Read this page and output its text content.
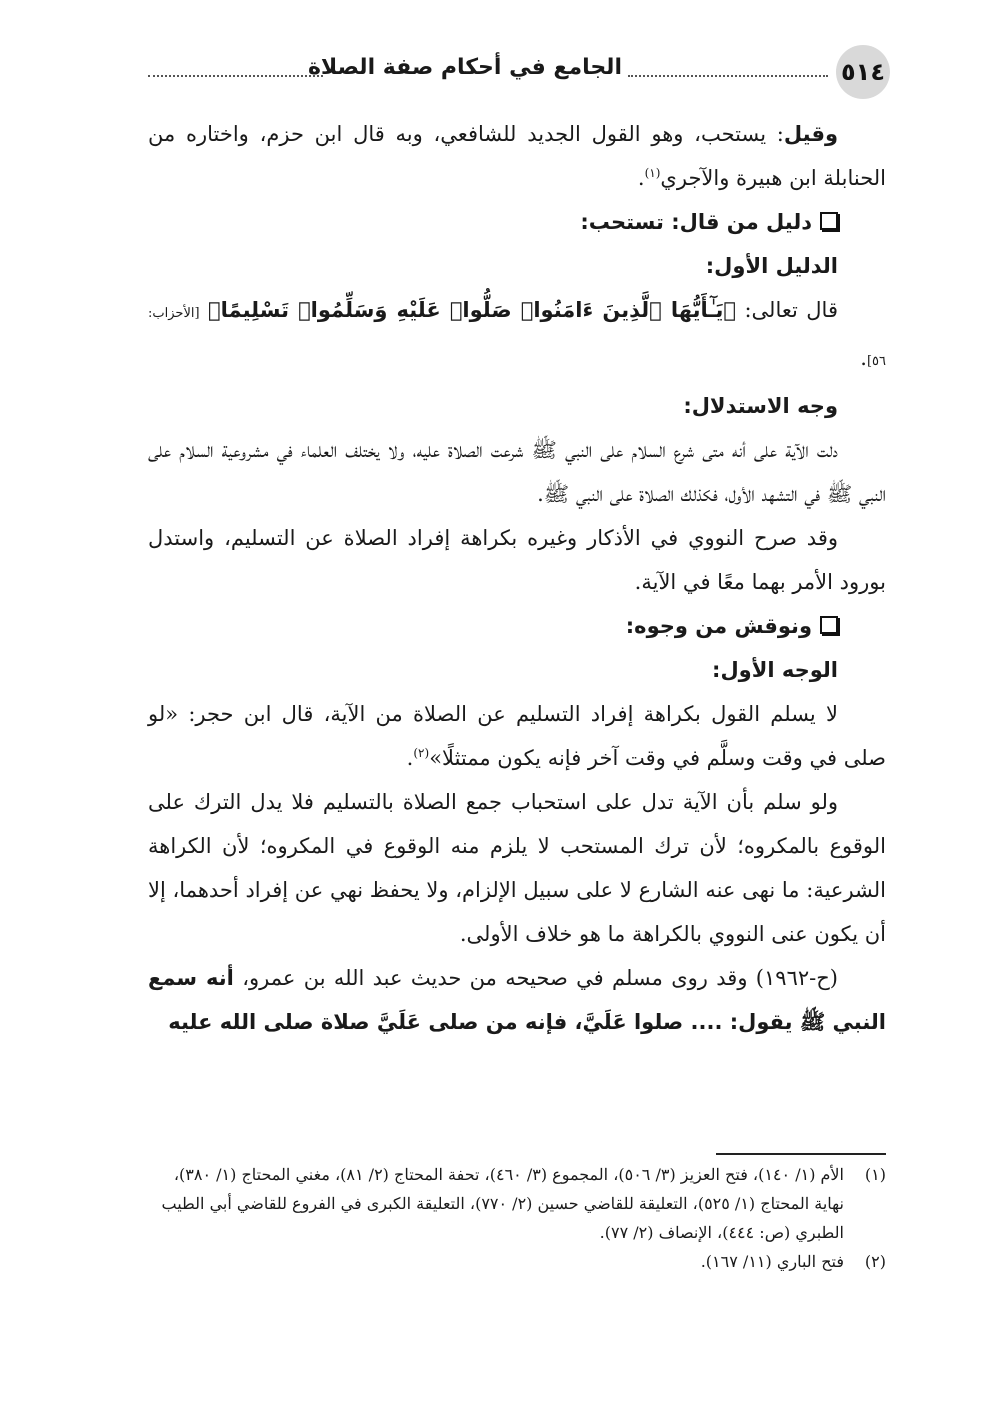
٥١٤
الجامع في أحكام صفة الصلاة

وقيل: يستحب، وهو القول الجديد للشافعي، وبه قال ابن حزم، واختاره من الحنابلة ابن هبيرة والآجري$^{(١)}$.

دليل من قال: تستحب:

الدليل الأول:

قال تعالى: ﴿يَـٰٓأَيُّهَا ٱلَّذِينَ ءَامَنُوا۟ صَلُّوا۟ عَلَيْهِ وَسَلِّمُوا۟ تَسْلِيمًا﴾ [الأحزاب: ٥٦].

وجه الاستدلال:

دلت الآية على أنه متى شرع السلام على النبي ﷺ شرعت الصلاة عليه، ولا يختلف العلماء في مشروعية السلام على النبي ﷺ في التشهد الأول، فكذلك الصلاة على النبي ﷺ.

وقد صرح النووي في الأذكار وغيره بكراهة إفراد الصلاة عن التسليم، واستدل بورود الأمر بهما معًا في الآية.

ونوقش من وجوه:

الوجه الأول:

لا يسلم القول بكراهة إفراد التسليم عن الصلاة من الآية، قال ابن حجر: «لو صلى في وقت وسلَّم في وقت آخر فإنه يكون ممتثلًا»$^{(٢)}$.

ولو سلم بأن الآية تدل على استحباب جمع الصلاة بالتسليم فلا يدل الترك على الوقوع بالمكروه؛ لأن ترك المستحب لا يلزم منه الوقوع في المكروه؛ لأن الكراهة الشرعية: ما نهى عنه الشارع لا على سبيل الإلزام، ولا يحفظ نهي عن إفراد أحدهما، إلا أن يكون عنى النووي بالكراهة ما هو خلاف الأولى.

(ح-١٩٦٢) وقد روى مسلم في صحيحه من حديث عبد الله بن عمرو، أنه سمع النبي ﷺ يقول: .... صلوا عَلَيَّ، فإنه من صلى عَلَيَّ صلاة صلى الله عليه

(١)
الأم (١/ ١٤٠)، فتح العزيز (٣/ ٥٠٦)، المجموع (٣/ ٤٦٠)، تحفة المحتاج (٢/ ٨١)، مغني المحتاج (١/ ٣٨٠)، نهاية المحتاج (١/ ٥٢٥)، التعليقة للقاضي حسين (٢/ ٧٧٠)، التعليقة الكبرى في الفروع للقاضي أبي الطيب الطبري (ص: ٤٤٤)، الإنصاف (٢/ ٧٧).
(٢)
فتح الباري (١١/ ١٦٧).
